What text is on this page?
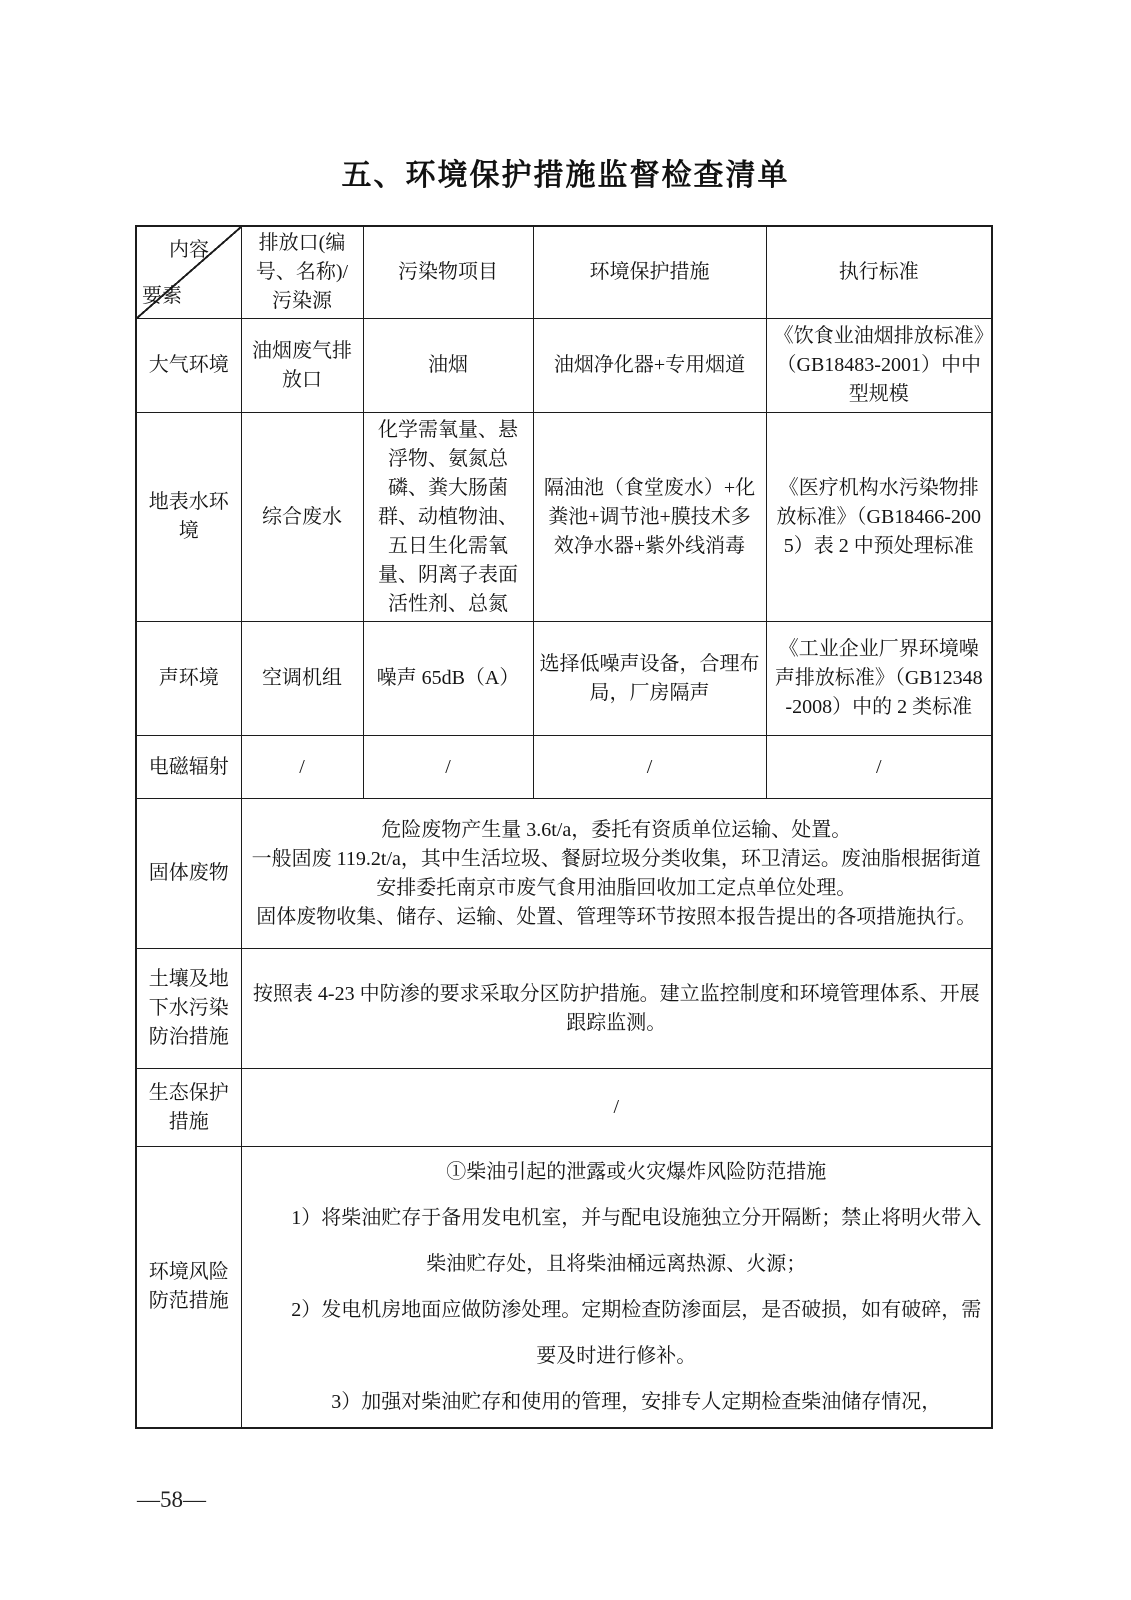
五、环境保护措施监督检查清单
内容
要素	排放口(编号、名称)/污染源	污染物项目	环境保护措施	执行标准
大气环境	油烟废气排放口	油烟	油烟净化器+专用烟道	《饮食业油烟排放标准》（GB18483-2001）中中型规模
地表水环境	综合废水	化学需氧量、悬浮物、氨氮总磷、粪大肠菌群、动植物油、五日生化需氧量、阴离子表面活性剂、总氮	隔油池（食堂废水）+化粪池+调节池+膜技术多效净水器+紫外线消毒	《医疗机构水污染物排放标准》（GB18466-2005）表 2 中预处理标准
声环境	空调机组	噪声 65dB（A）	选择低噪声设备，合理布局，厂房隔声	《工业企业厂界环境噪声排放标准》（GB12348-2008）中的 2 类标准
电磁辐射	/	/	/	/
固体废物	危险废物产生量 3.6t/a，委托有资质单位运输、处置。

一般固废 119.2t/a，其中生活垃圾、餐厨垃圾分类收集，环卫清运。废油脂根据街道安排委托南京市废气食用油脂回收加工定点单位处理。

固体废物收集、储存、运输、处置、管理等环节按照本报告提出的各项措施执行。			

土壤及地下水污染防治措施	按照表 4-23 中防渗的要求采取分区防护措施。建立监控制度和环境管理体系、开展跟踪监测。			

生态保护措施	/			
环境风险防范措施	①柴油引起的泄露或火灾爆炸风险防范措施

1）将柴油贮存于备用发电机室，并与配电设施独立分开隔断；禁止将明火带入柴油贮存处，且将柴油桶远离热源、火源；

2）发电机房地面应做防渗处理。定期检查防渗面层，是否破损，如有破碎，需要及时进行修补。

3）加强对柴油贮存和使用的管理，安排专人定期检查柴油储存情况，			

—58—
